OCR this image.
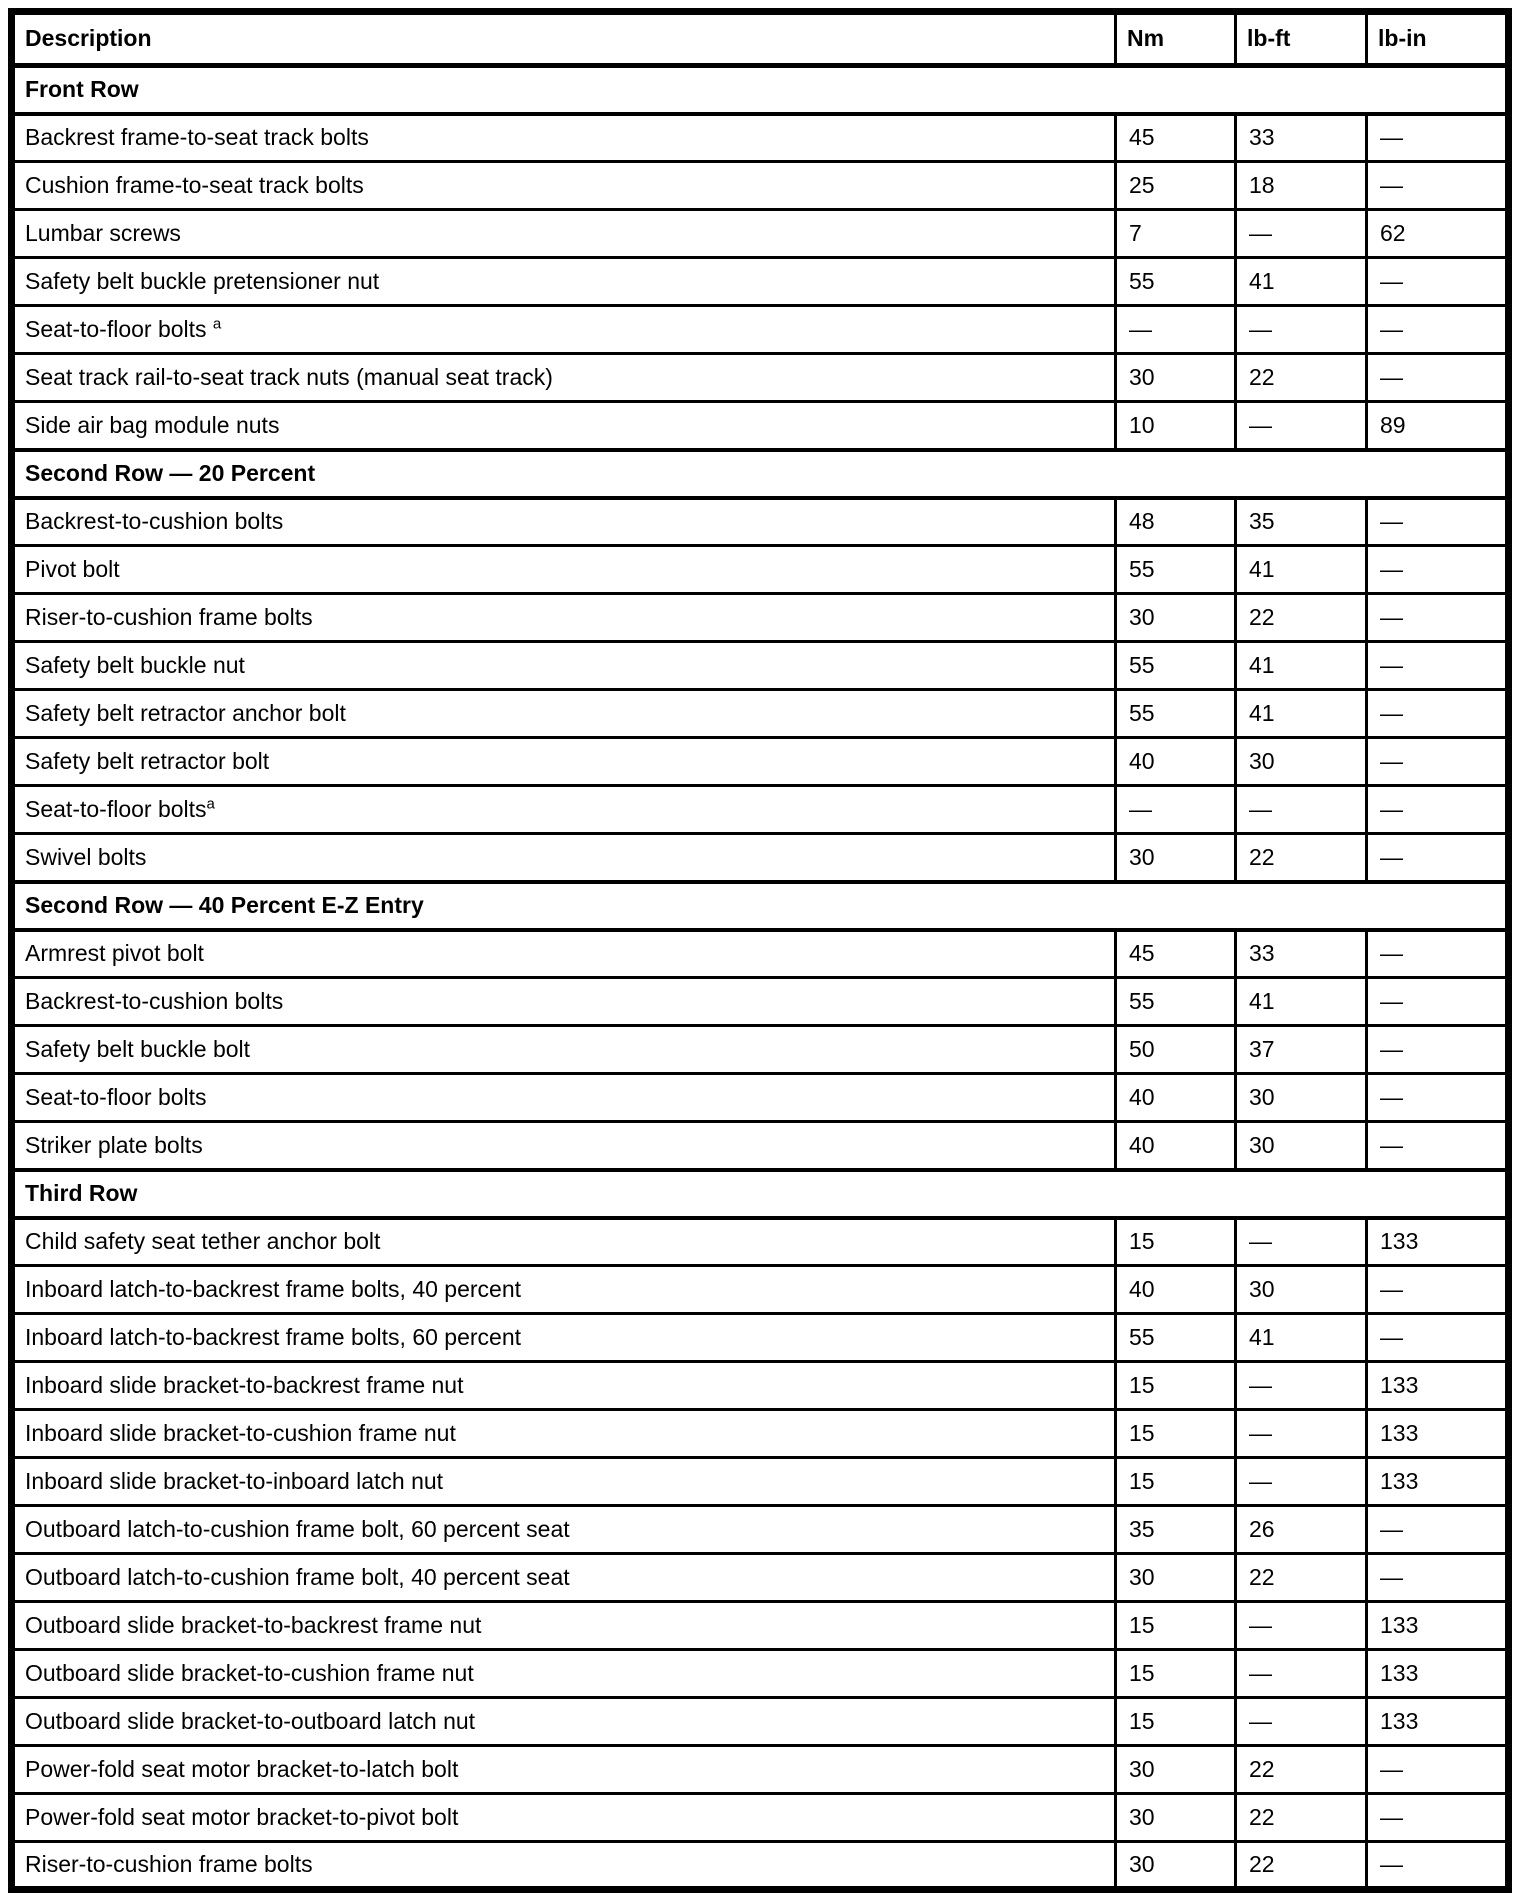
Description	Nm	lb-ft	lb-in
Front Row			
Backrest frame-to-seat track bolts	45	33	—
Cushion frame-to-seat track bolts	25	18	—
Lumbar screws	7	—	62
Safety belt buckle pretensioner nut	55	41	—
Seat-to-floor bolts $^a$	—	—	—
Seat track rail-to-seat track nuts (manual seat track)	30	22	—
Side air bag module nuts	10	—	89
Second Row — 20 Percent			
Backrest-to-cushion bolts	48	35	—
Pivot bolt	55	41	—
Riser-to-cushion frame bolts	30	22	—
Safety belt buckle nut	55	41	—
Safety belt retractor anchor bolt	55	41	—
Safety belt retractor bolt	40	30	—
Seat-to-floor bolts$^a$	—	—	—
Swivel bolts	30	22	—
Second Row — 40 Percent E-Z Entry			
Armrest pivot bolt	45	33	—
Backrest-to-cushion bolts	55	41	—
Safety belt buckle bolt	50	37	—
Seat-to-floor bolts	40	30	—
Striker plate bolts	40	30	—
Third Row			
Child safety seat tether anchor bolt	15	—	133
Inboard latch-to-backrest frame bolts, 40 percent	40	30	—
Inboard latch-to-backrest frame bolts, 60 percent	55	41	—
Inboard slide bracket-to-backrest frame nut	15	—	133
Inboard slide bracket-to-cushion frame nut	15	—	133
Inboard slide bracket-to-inboard latch nut	15	—	133
Outboard latch-to-cushion frame bolt, 60 percent seat	35	26	—
Outboard latch-to-cushion frame bolt, 40 percent seat	30	22	—
Outboard slide bracket-to-backrest frame nut	15	—	133
Outboard slide bracket-to-cushion frame nut	15	—	133
Outboard slide bracket-to-outboard latch nut	15	—	133
Power-fold seat motor bracket-to-latch bolt	30	22	—
Power-fold seat motor bracket-to-pivot bolt	30	22	—
Riser-to-cushion frame bolts	30	22	—
